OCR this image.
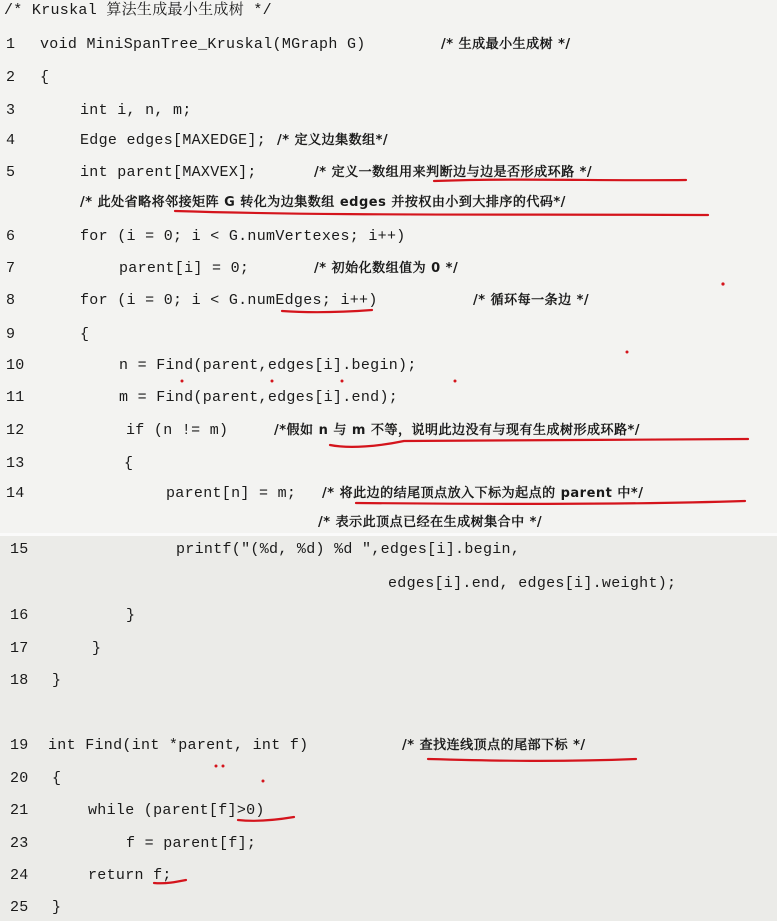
/* Kruskal 算法生成最小生成树 */
1 void MiniSpanTree_Kruskal(MGraph G)	/* 生成最小生成树 */
2 {
3	int i, n, m;
4	Edge edges[MAXEDGE]; /* 定义边集数组*/
5	int parent[MAXVEX];	/* 定义一数组用来判断边与边是否形成环路 */
/* 此处省略将邻接矩阵 G 转化为边集数组 edges 并按权由小到大排序的代码*/
6	for (i = 0; i < G.numVertexes; i++)
7	parent[i] = 0;	/* 初始化数组值为 0 */
8	for (i = 0; i < G.numEdges; i++)	/* 循环每一条边 */
9	{
10	n = Find(parent,edges[i].begin);
11	m = Find(parent,edges[i].end);
12	if (n != m)	/*假如 n 与 m 不等，说明此边没有与现有生成树形成环路*/
13	{
14	parent[n] = m; /* 将此边的结尾顶点放入下标为起点的 parent 中*/
/* 表示此顶点已经在生成树集合中 */
15	printf("(%d, %d) %d ",edges[i].begin,
edges[i].end, edges[i].weight);
16	}
17	}
18 }
19 int Find(int *parent, int f)	/* 查找连线顶点的尾部下标 */
20 {
21	while (parent[f]>0)
23	f = parent[f];
24	return f;
25 }
